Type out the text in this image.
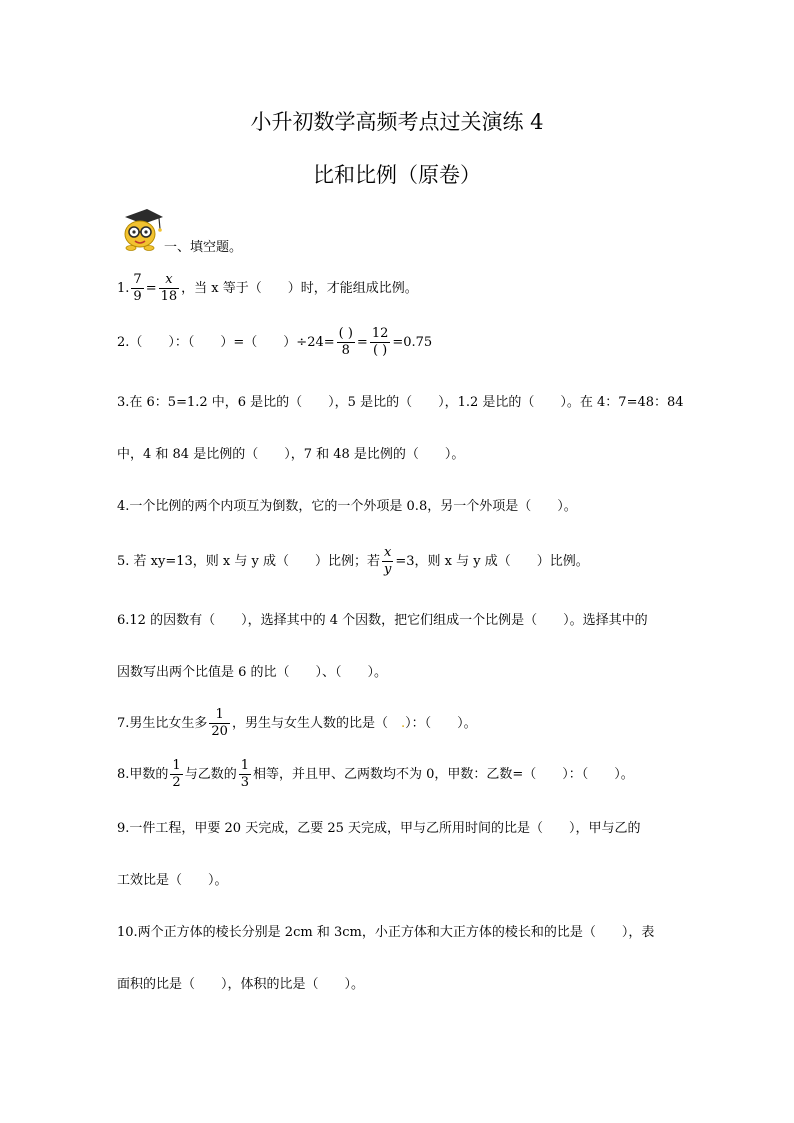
小升初数学高频考点过关演练 4
比和比例（原卷）
一、填空题。
1. $\frac{7}{9} = \frac{x}{18}$ ，当 x 等于（　　）时，才能组成比例。
2.（　　）：（　　）=（　　）$\div 24= \frac{( )}{8} = \frac{12}{( )} =0.75$
3.在 6：5=1.2 中，6 是比的（　　），5 是比的（　　），1.2 是比的（　　）。在 4：7=48：84
中，4 和 84 是比例的（　　），7 和 48 是比例的（　　）。
4.一个比例的两个内项互为倒数，它的一个外项是 0.8，另一个外项是（　　）。
5. 若 xy=13，则 x 与 y 成（　　）比例；若 $\frac{x}{y} =3$，则 x 与 y 成（　　）比例。
6.12 的因数有（　　），选择其中的 4 个因数，把它们组成一个比例是（　　）。选择其中的
因数写出两个比值是 6 的比（　　）、（　　）。
7.男生比女生多 $\frac{1}{20}$ ，男生与女生人数的比是（　.）：（　　）。
8.甲数的 $\frac{1}{2}$ 与乙数的 $\frac{1}{3}$ 相等，并且甲、乙两数均不为 0，甲数：乙数=（　　）：（　　）。
9.一件工程，甲要 20 天完成，乙要 25 天完成，甲与乙所用时间的比是（　　），甲与乙的
工效比是（　　）。
10.两个正方体的棱长分别是 2cm 和 3cm，小正方体和大正方体的棱长和的比是（　　），表
面积的比是（　　），体积的比是（　　）。
